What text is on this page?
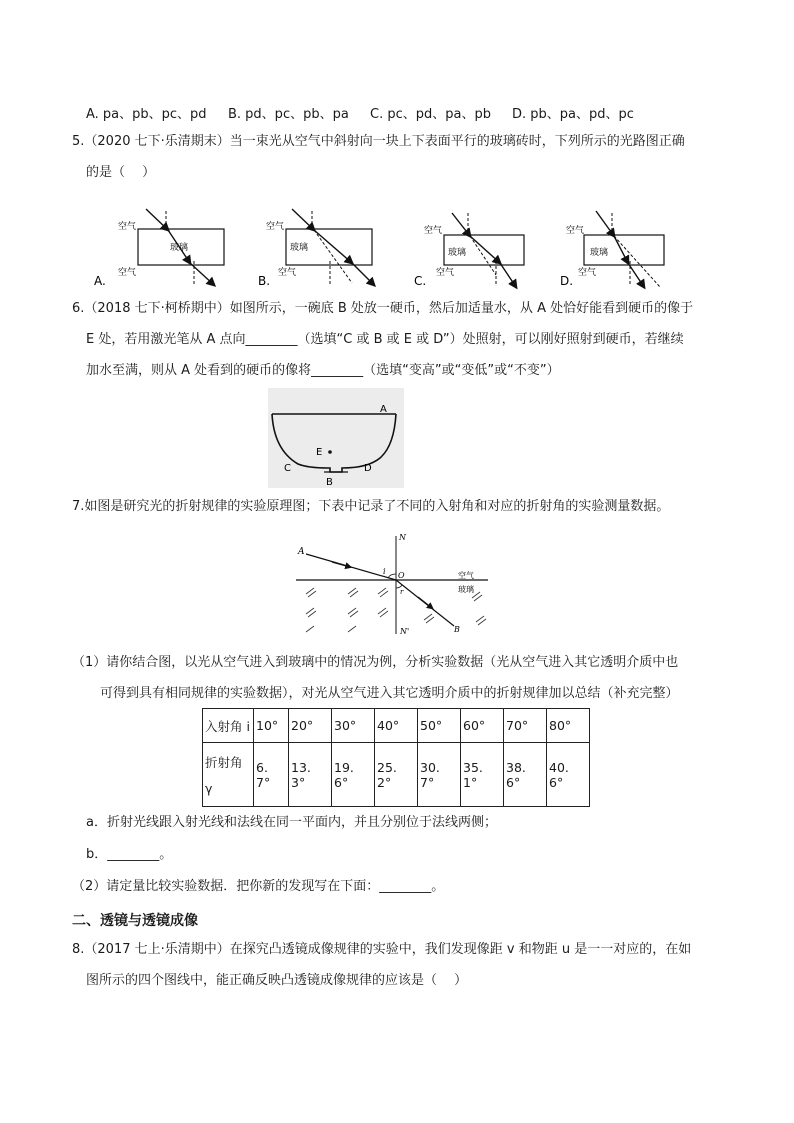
A. pa、pb、pc、pd B. pd、pc、pb、pa C. pc、pd、pa、pb D. pb、pa、pd、pc
5.（2020 七下·乐清期末）当一束光从空气中斜射向一块上下表面平行的玻璃砖时，下列所示的光路图正确
的是（　 ）
空气
玻璃
空气
空气
玻璃
空气
空气
玻璃
空气
空气
玻璃
空气
A.	B.	C.	D.
6.（2018 七下·柯桥期中）如图所示，一碗底 B 处放一硬币，然后加适量水，从 A 处恰好能看到硬币的像于
E 处，若用激光笔从 A 点向________（选填“C 或 B 或 E 或 D”）处照射，可以刚好照射到硬币，若继续
加水至满，则从 A 处看到的硬币的像将________（选填“变高”或“变低”或“不变”）
E
A
C	D
B
7.如图是研究光的折射规律的实验原理图；下表中记录了不同的入射角和对应的折射角的实验测量数据。
A
N
O
i
r
N'	B
空气
玻璃
（1）请你结合图，以光从空气进入到玻璃中的情况为例，分析实验数据（光从空气进入其它透明介质中也
可得到具有相同规律的实验数据），对光从空气进入其它透明介质中的折射规律加以总结（补充完整）
入射角 i	10°	20°	30°	40°	50°	60°	70°	80°

折射角
γ	6. 7°	13. 3°	19. 6°	25. 2°	30. 7°	35. 1°	38. 6°	40. 6°
a．折射光线跟入射光线和法线在同一平面内，并且分别位于法线两侧；
b．________。
（2）请定量比较实验数据．把你新的发现写在下面：________。
二、透镜与透镜成像
8.（2017 七上·乐清期中）在探究凸透镜成像规律的实验中，我们发现像距 v 和物距 u 是一一对应的，在如
图所示的四个图线中，能正确反映凸透镜成像规律的应该是（　 ）
